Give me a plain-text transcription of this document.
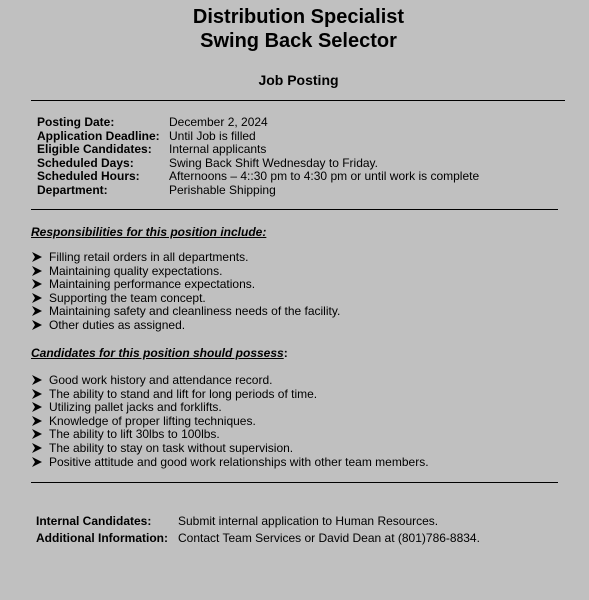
Distribution Specialist
Swing Back Selector
Job Posting
Posting Date:	December 2, 2024
Application Deadline: Until Job is filled
Eligible Candidates:	Internal applicants
Scheduled Days:	Swing Back Shift Wednesday to Friday.
Scheduled Hours:	Afternoons – 4::30 pm to 4:30 pm or until work is complete
Department:	Perishable Shipping
Responsibilities for this position include:
Filling retail orders in all departments.
Maintaining quality expectations.
Maintaining performance expectations.
Supporting the team concept.
Maintaining safety and cleanliness needs of the facility.
Other duties as assigned.
Candidates for this position should possess:
Good work history and attendance record.
The ability to stand and lift for long periods of time.
Utilizing pallet jacks and forklifts.
Knowledge of proper lifting techniques.
The ability to lift 30lbs to 100lbs.
The ability to stay on task without supervision.
Positive attitude and good work relationships with other team members.
Internal Candidates:	Submit internal application to Human Resources.
Additional Information: Contact Team Services or David Dean at (801)786-8834.
